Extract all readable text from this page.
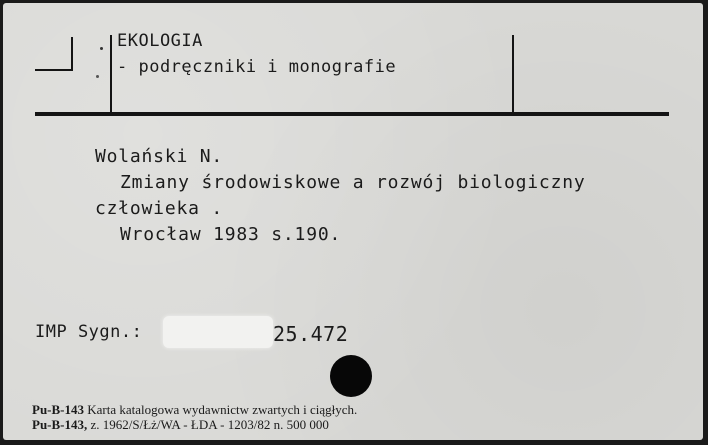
EKOLOGIA
- podręczniki i monografie
Wolański N.
Zmiany środowiskowe a rozwój biologiczny
człowieka .
Wrocław 1983 s.190.
IMP Sygn.:	25.472
Pu-B-143 Karta katalogowa wydawnictw zwartych i ciągłych.
Pu-B-143, z. 1962/S/Łż/WA - ŁDA - 1203/82 n. 500 000
